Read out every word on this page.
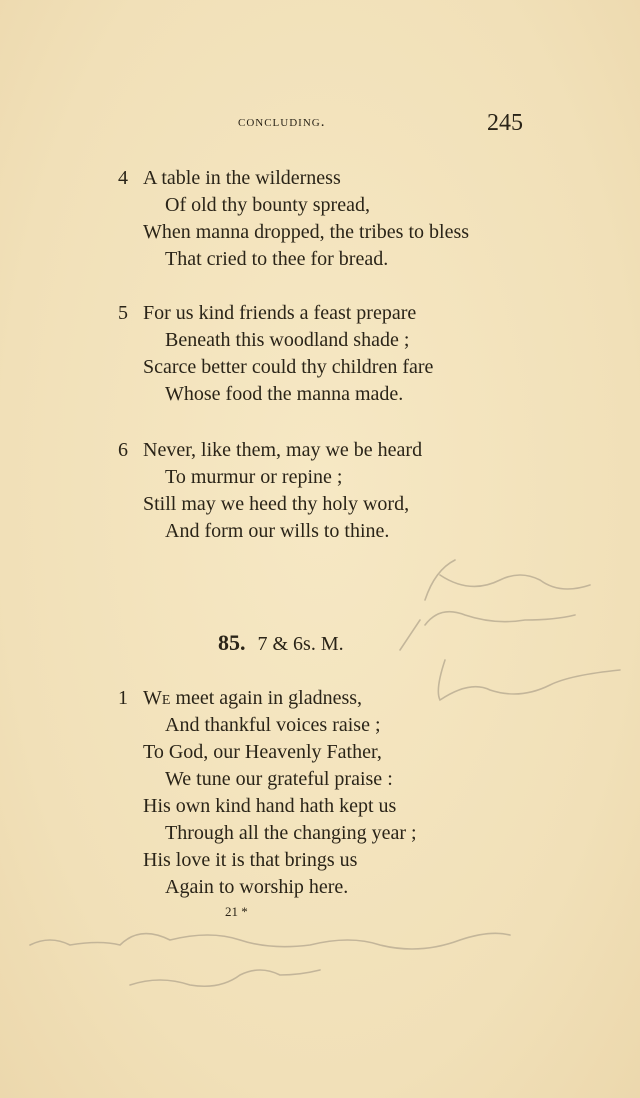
concluding.	245
4 A table in the wilderness
Of old thy bounty spread,
When manna dropped, the tribes to bless
That cried to thee for bread.
5 For us kind friends a feast prepare
Beneath this woodland shade ;
Scarce better could thy children fare
Whose food the manna made.
6 Never, like them, may we be heard
To murmur or repine ;
Still may we heed thy holy word,
And form our wills to thine.
85. 7 & 6s. M.
1 We meet again in gladness,
And thankful voices raise ;
To God, our Heavenly Father,
We tune our grateful praise :
His own kind hand hath kept us
Through all the changing year ;
His love it is that brings us
Again to worship here.
21 *
